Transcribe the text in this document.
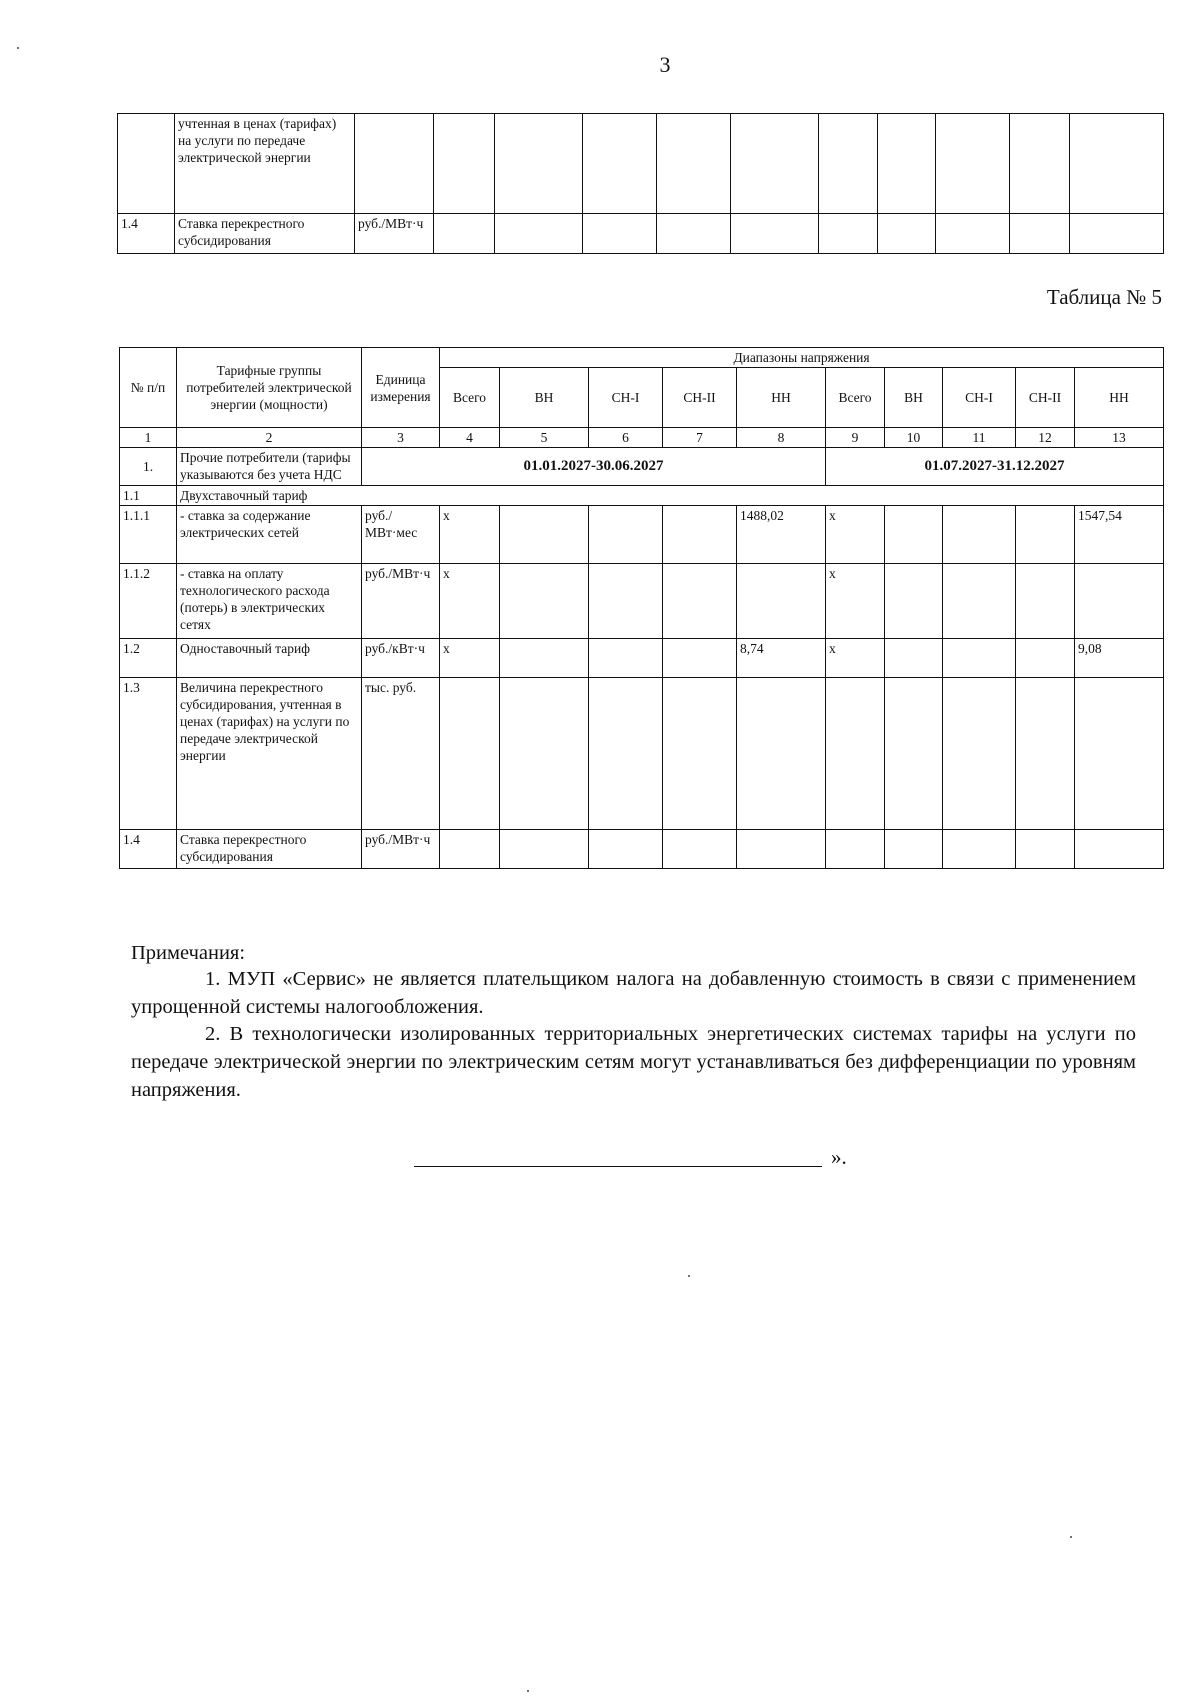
3
	учтенная в ценах (тарифах) на услуги по передаче электрической энергии											
1.4	Ставка перекрестного субсидирования	руб./МВт·ч										
Таблица № 5
№ п/п	Тарифные группы потребителей электрической энергии (мощности)	Единица измерения	Диапазоны напряжения									
			Всего	ВН	СН-I	СН-II	НН	Всего	ВН	СН-I	СН-II	НН
1	2	3	4	5	6	7	8	9	10	11	12	13
1.	Прочие потребители (тарифы указываются без учета НДС	01.01.2027-30.06.2027						01.07.2027-31.12.2027				
1.1	Двухставочный тариф											
1.1.1	- ставка за содержание электрических сетей	руб./МВт·мес	x				1488,02	x				1547,54
1.1.2	- ставка на оплату технологического расхода (потерь) в электрических сетях	руб./МВт·ч	x					x				
1.2	Одноставочный тариф	руб./кВт·ч	x				8,74	x				9,08
1.3	Величина перекрестного субсидирования, учтенная в ценах (тарифах) на услуги по передаче электрической энергии	тыс. руб.										
1.4	Ставка перекрестного субсидирования	руб./МВт·ч										
Примечания:

1. МУП «Сервис» не является плательщиком налога на добавленную стоимость в связи с применением упрощенной системы налогообложения.

2. В технологически изолированных территориальных энергетических системах тарифы на услуги по передаче электрической энергии по электрическим сетям могут устанавливаться без дифференциации по уровням напряжения.

».
